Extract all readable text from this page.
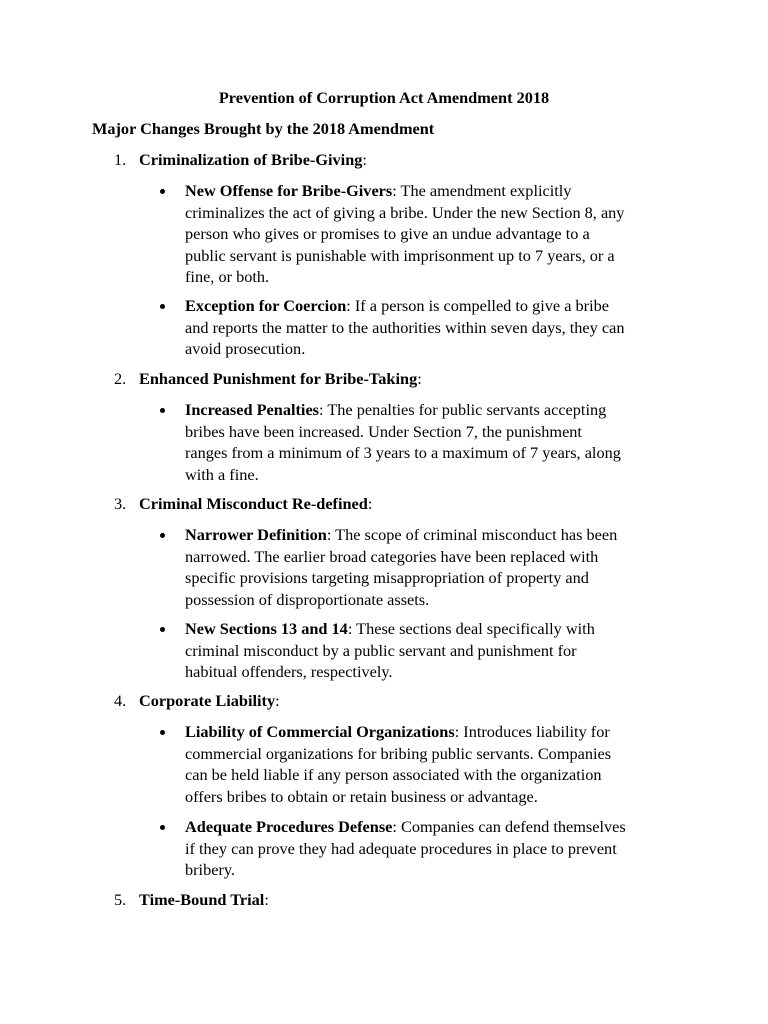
Prevention of Corruption Act Amendment 2018

Major Changes Brought by the 2018 Amendment

1. Criminalization of Bribe-Giving:

New Offense for Bribe-Givers: The amendment explicitly
criminalizes the act of giving a bribe. Under the new Section 8, any
person who gives or promises to give an undue advantage to a
public servant is punishable with imprisonment up to 7 years, or a
fine, or both.
Exception for Coercion: If a person is compelled to give a bribe
and reports the matter to the authorities within seven days, they can
avoid prosecution.

2. Enhanced Punishment for Bribe-Taking:

Increased Penalties: The penalties for public servants accepting
bribes have been increased. Under Section 7, the punishment
ranges from a minimum of 3 years to a maximum of 7 years, along
with a fine.

3. Criminal Misconduct Re-defined:

Narrower Definition: The scope of criminal misconduct has been
narrowed. The earlier broad categories have been replaced with
specific provisions targeting misappropriation of property and
possession of disproportionate assets.
New Sections 13 and 14: These sections deal specifically with
criminal misconduct by a public servant and punishment for
habitual offenders, respectively.

4. Corporate Liability:

Liability of Commercial Organizations: Introduces liability for
commercial organizations for bribing public servants. Companies
can be held liable if any person associated with the organization
offers bribes to obtain or retain business or advantage.
Adequate Procedures Defense: Companies can defend themselves
if they can prove they had adequate procedures in place to prevent
bribery.

5. Time-Bound Trial:
